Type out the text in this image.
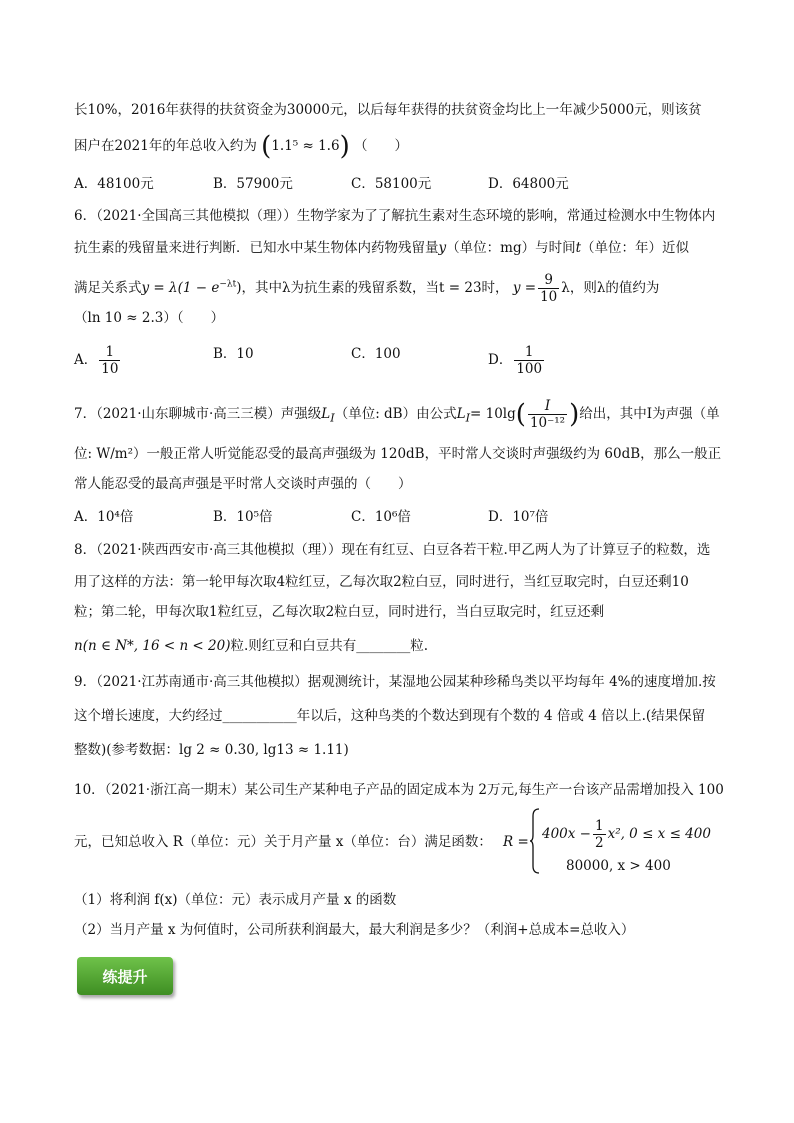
长10%，2016年获得的扶贫资金为30000元，以后每年获得的扶贫资金均比上一年减少5000元，则该贫
困户在2021年的年总收入约为 (1.1⁵ ≈ 1.6) （　　）
A．48100元	B．57900元	C．58100元	D．64800元
6．（2021·全国高三其他模拟（理））生物学家为了了解抗生素对生态环境的影响，常通过检测水中生物体内
抗生素的残留量来进行判断．已知水中某生物体内药物残留量y（单位：mg）与时间t（单位：年）近似
满足关系式$y = \lambda(1 - e^{-\lambda t})$，其中λ为抗生素的残留系数，当t = 23时， $y = \frac{9}{10}$ λ，则λ的值约为
（ln 10 ≈ 2.3）（　　）
A． $\frac{1}{10}$	B．10	C．100	D． $\frac{1}{100}$
7．（2021·山东聊城市·高三三模）声强级$L_I$（单位: dB）由公式$L_I= 10\lg( \frac{I}{\text{10⁻¹²}}$ )给出，其中I为声强（单
位: W/m²）一般正常人听觉能忍受的最高声强级为 120dB，平时常人交谈时声强级约为 60dB，那么一般正
常人能忍受的最高声强是平时常人交谈时声强的（　　）
A．10⁴倍	B．10⁵倍	C．10⁶倍	D．10⁷倍
8．（2021·陕西西安市·高三其他模拟（理））现在有红豆、白豆各若干粒.甲乙两人为了计算豆子的粒数，选
用了这样的方法：第一轮甲每次取4粒红豆，乙每次取2粒白豆，同时进行，当红豆取完时，白豆还剩10
粒；第二轮，甲每次取1粒红豆，乙每次取2粒白豆，同时进行，当白豆取完时，红豆还剩
n(n ∈ N*, 16 < n < 20)粒.则红豆和白豆共有________粒.
9．（2021·江苏南通市·高三其他模拟）据观测统计，某湿地公园某种珍稀鸟类以平均每年 4%的速度增加.按
这个增长速度，大约经过___________年以后，这种鸟类的个数达到现有个数的 4 倍或 4 倍以上.(结果保留
整数)(参考数据：lg 2 ≈ 0.30, lg13 ≈ 1.11)
10．（2021·浙江高一期末）某公司生产某种电子产品的固定成本为 2万元,每生产一台该产品需增加投入 100
元，已知总收入 R（单位：元）关于月产量 x（单位：台）满足函数： $R = 400x - \frac{1}{2} x^2$, 0 ≤ x ≤ 400
80000, x > 400
（1）将利润 f(x)（单位：元）表示成月产量 x 的函数
（2）当月产量 x 为何值时，公司所获利润最大，最大利润是多少？（利润+总成本=总收入）
练提升
